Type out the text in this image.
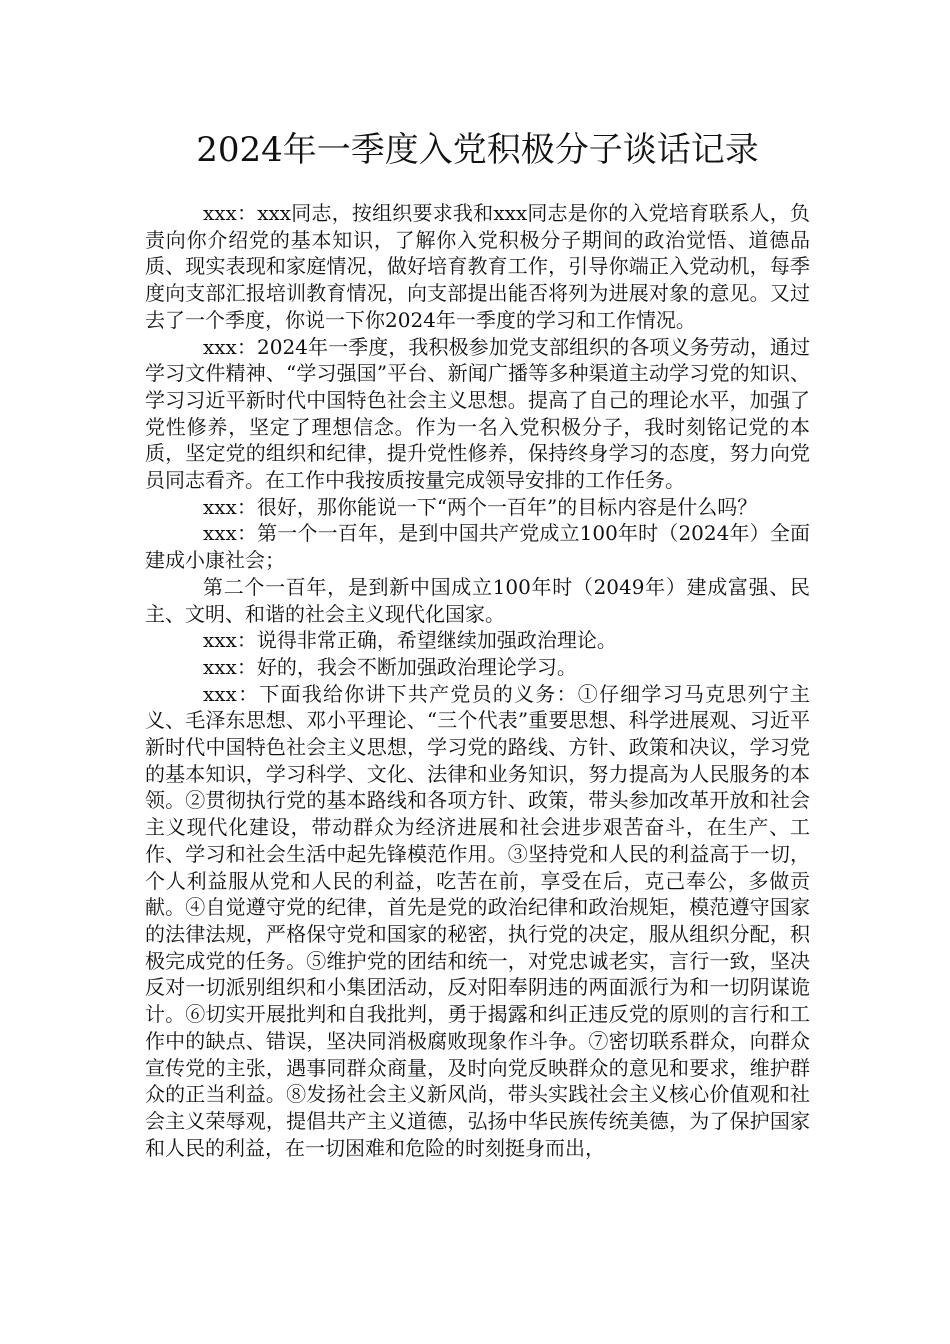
2024年一季度入党积极分子谈话记录

xxx：xxx同志，按组织要求我和xxx同志是你的入党培育联系人，负责向你介绍党的基本知识，了解你入党积极分子期间的政治觉悟、道德品质、现实表现和家庭情况，做好培育教育工作，引导你端正入党动机，每季度向支部汇报培训教育情况，向支部提出能否将列为进展对象的意见。又过去了一个季度，你说一下你2024年一季度的学习和工作情况。

xxx：2024年一季度，我积极参加党支部组织的各项义务劳动，通过学习文件精神、“学习强国”平台、新闻广播等多种渠道主动学习党的知识、学习习近平新时代中国特色社会主义思想。提高了自己的理论水平，加强了党性修养，坚定了理想信念。作为一名入党积极分子，我时刻铭记党的本质，坚定党的组织和纪律，提升党性修养，保持终身学习的态度，努力向党员同志看齐。在工作中我按质按量完成领导安排的工作任务。

xxx：很好，那你能说一下“两个一百年”的目标内容是什么吗？

xxx：第一个一百年，是到中国共产党成立100年时（2024年）全面建成小康社会；

第二个一百年，是到新中国成立100年时（2049年）建成富强、民主、文明、和谐的社会主义现代化国家。

xxx：说得非常正确，希望继续加强政治理论。

xxx：好的，我会不断加强政治理论学习。

xxx：下面我给你讲下共产党员的义务：①仔细学习马克思列宁主义、毛泽东思想、邓小平理论、“三个代表”重要思想、科学进展观、习近平新时代中国特色社会主义思想，学习党的路线、方针、政策和决议，学习党的基本知识，学习科学、文化、法律和业务知识，努力提高为人民服务的本领。②贯彻执行党的基本路线和各项方针、政策，带头参加改革开放和社会主义现代化建设，带动群众为经济进展和社会进步艰苦奋斗，在生产、工作、学习和社会生活中起先锋模范作用。③坚持党和人民的利益高于一切，个人利益服从党和人民的利益，吃苦在前，享受在后，克己奉公，多做贡献。④自觉遵守党的纪律，首先是党的政治纪律和政治规矩，模范遵守国家的法律法规，严格保守党和国家的秘密，执行党的决定，服从组织分配，积极完成党的任务。⑤维护党的团结和统一，对党忠诚老实，言行一致，坚决反对一切派别组织和小集团活动，反对阳奉阴违的两面派行为和一切阴谋诡计。⑥切实开展批判和自我批判，勇于揭露和纠正违反党的原则的言行和工作中的缺点、错误，坚决同消极腐败现象作斗争。⑦密切联系群众，向群众宣传党的主张，遇事同群众商量，及时向党反映群众的意见和要求，维护群众的正当利益。⑧发扬社会主义新风尚，带头实践社会主义核心价值观和社会主义荣辱观，提倡共产主义道德，弘扬中华民族传统美德，为了保护国家和人民的利益，在一切困难和危险的时刻挺身而出，
